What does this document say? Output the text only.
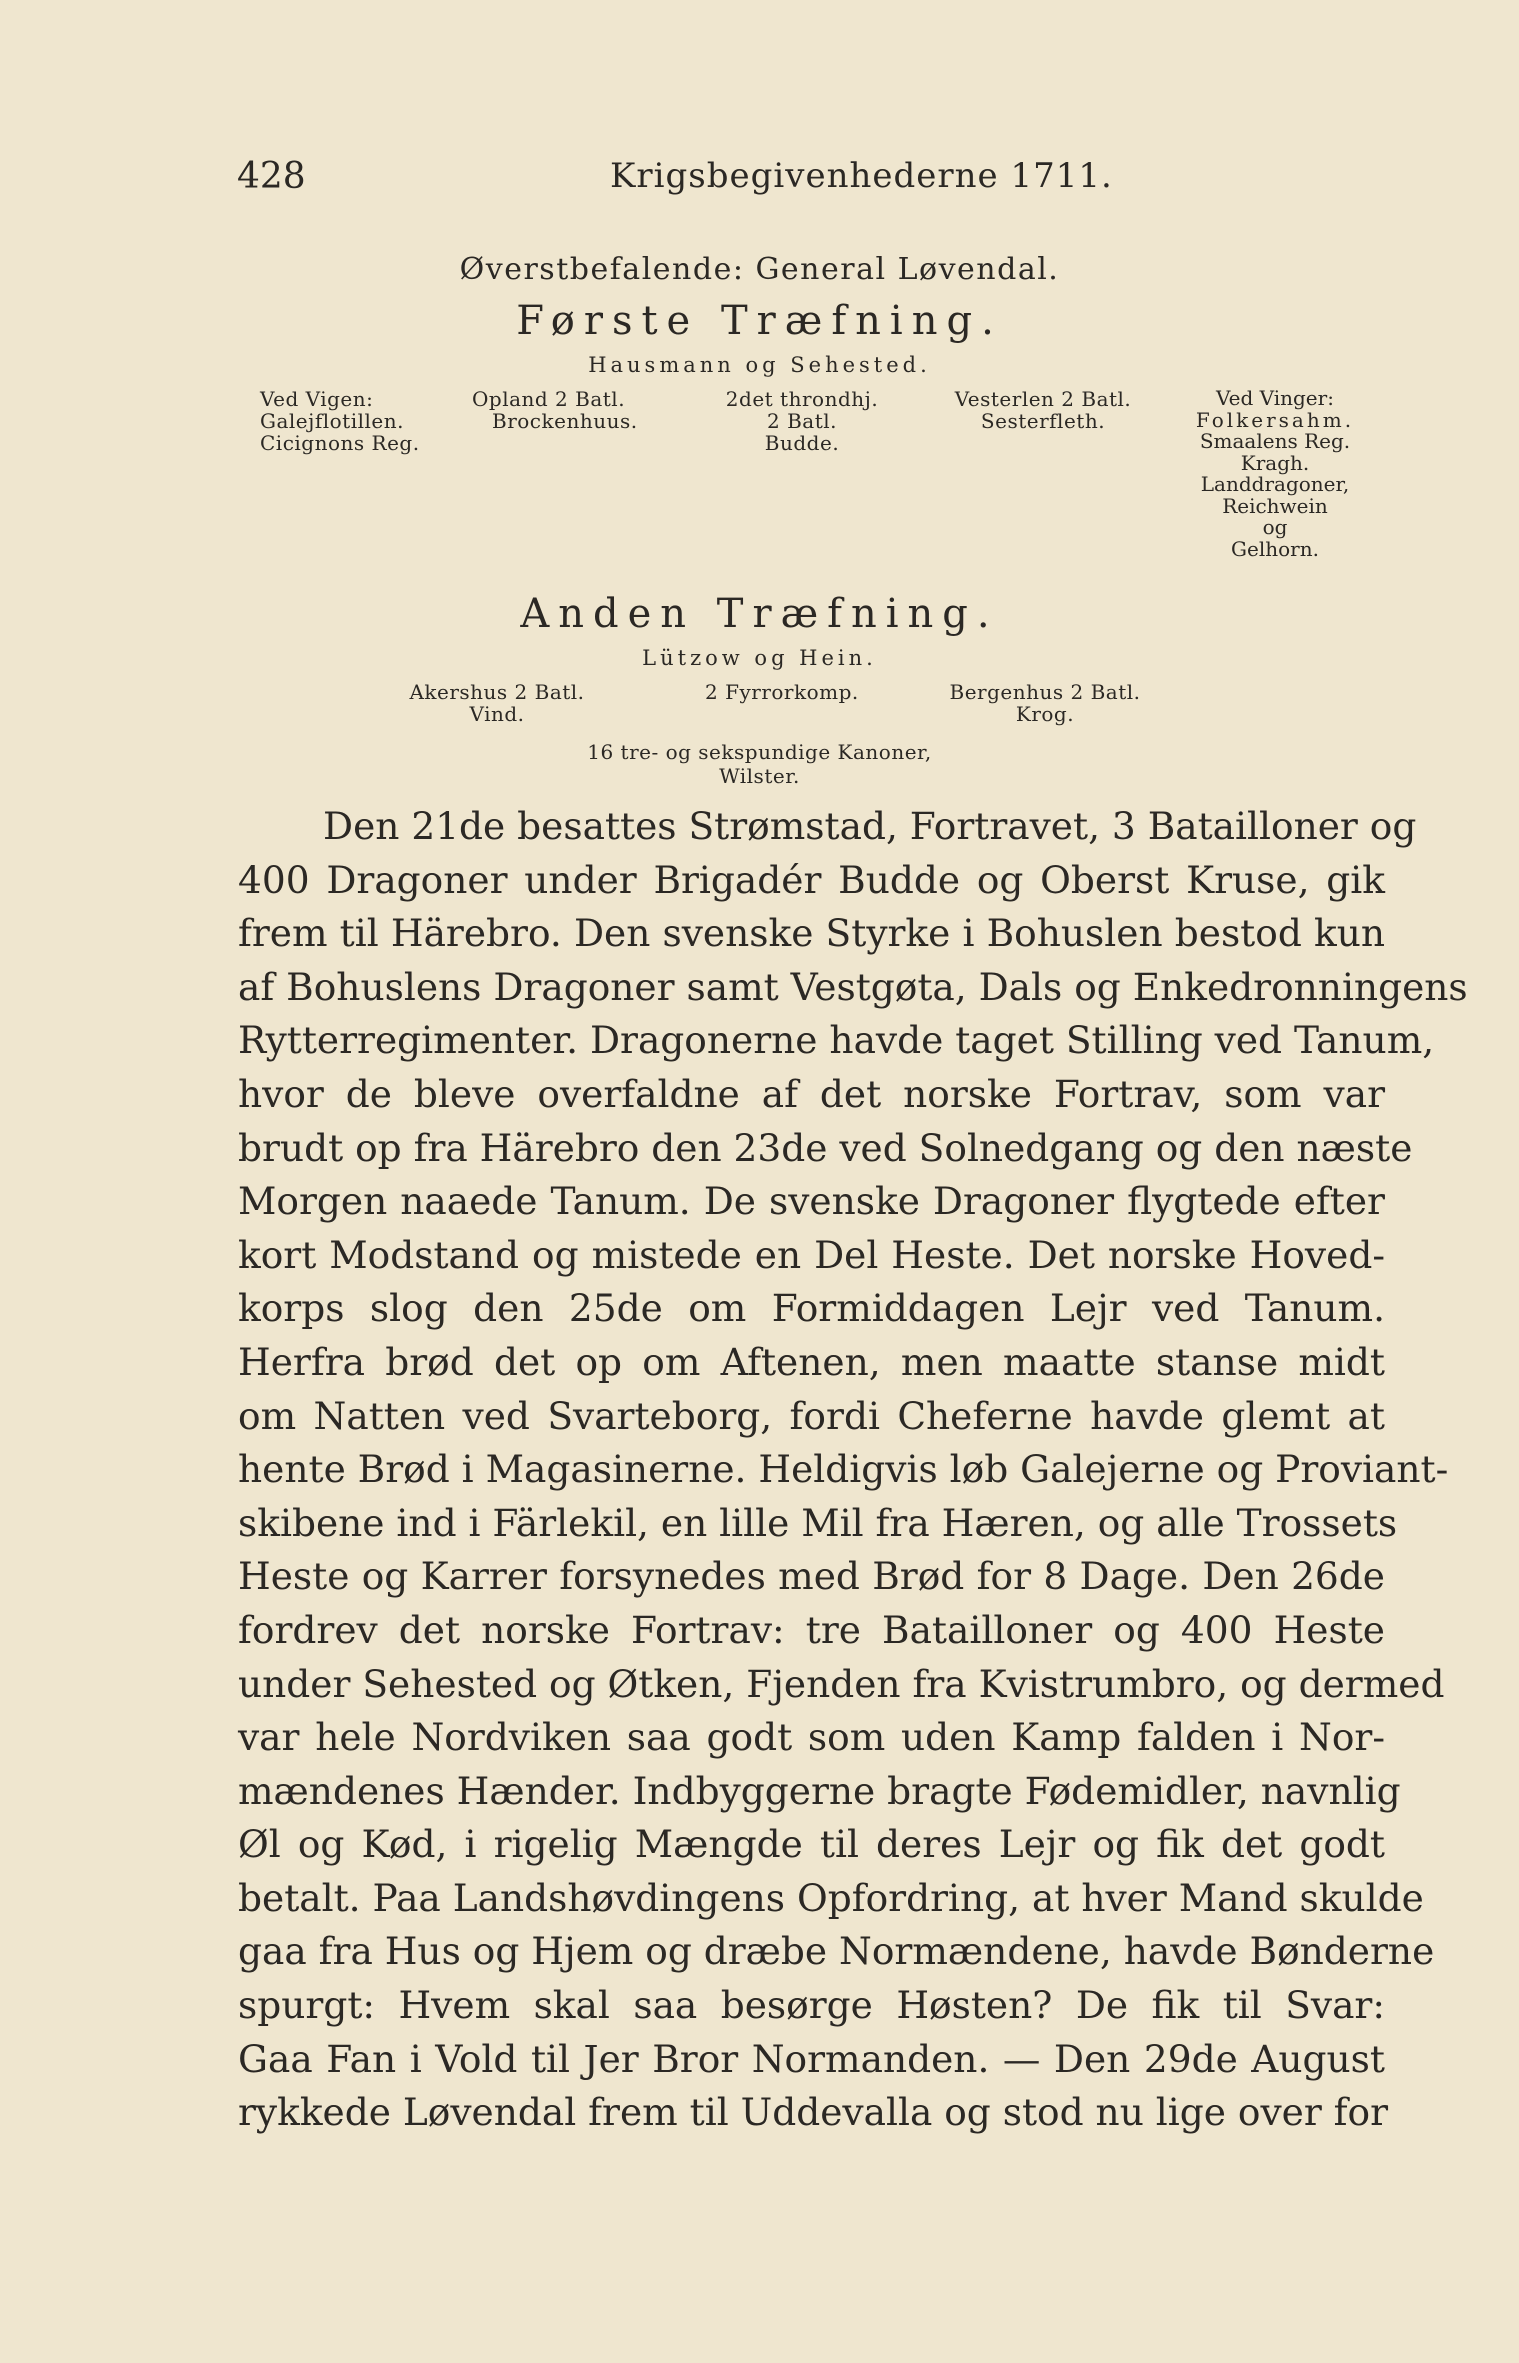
428	Krigsbegivenhederne 1711.
Øverstbefalende: General Løvendal.
Første Træfning.
Hausmann og Sehested.
Ved Vigen:
Galejflotillen.
Cicignons Reg.
Opland 2 Batl.
Brockenhuus.
2det throndhj.
2 Batl.
Budde.
Vesterlen 2 Batl.
Sesterfleth.
Ved Vinger:
Folkersahm.
Smaalens Reg.
Kragh.
Landdragoner,
Reichwein
og
Gelhorn.
Anden Træfning.
Lützow og Hein.
Akershus 2 Batl.
Vind.
2 Fyrrorkomp.	Bergenhus 2 Batl.
Krog.
16 tre- og sekspundige Kanoner,
Wilster.
Den 21de besattes Strømstad, Fortravet, 3 Batailloner og
400 Dragoner under Brigadér Budde og Oberst Kruse, gik
frem til Härebro. Den svenske Styrke i Bohuslen bestod kun
af Bohuslens Dragoner samt Vestgøta, Dals og Enkedronningens
Rytterregimenter. Dragonerne havde taget Stilling ved Tanum,
hvor de bleve overfaldne af det norske Fortrav, som var
brudt op fra Härebro den 23de ved Solnedgang og den næste
Morgen naaede Tanum. De svenske Dragoner flygtede efter
kort Modstand og mistede en Del Heste. Det norske Hoved-
korps slog den 25de om Formiddagen Lejr ved Tanum.
Herfra brød det op om Aftenen, men maatte stanse midt
om Natten ved Svarteborg, fordi Cheferne havde glemt at
hente Brød i Magasinerne. Heldigvis løb Galejerne og Proviant-
skibene ind i Färlekil, en lille Mil fra Hæren, og alle Trossets
Heste og Karrer forsynedes med Brød for 8 Dage. Den 26de
fordrev det norske Fortrav: tre Batailloner og 400 Heste
under Sehested og Øtken, Fjenden fra Kvistrumbro, og dermed
var hele Nordviken saa godt som uden Kamp falden i Nor-
mændenes Hænder. Indbyggerne bragte Fødemidler, navnlig
Øl og Kød, i rigelig Mængde til deres Lejr og fik det godt
betalt. Paa Landshøvdingens Opfordring, at hver Mand skulde
gaa fra Hus og Hjem og dræbe Normændene, havde Bønderne
spurgt: Hvem skal saa besørge Høsten? De fik til Svar:
Gaa Fan i Vold til Jer Bror Normanden. — Den 29de August
rykkede Løvendal frem til Uddevalla og stod nu lige over for
